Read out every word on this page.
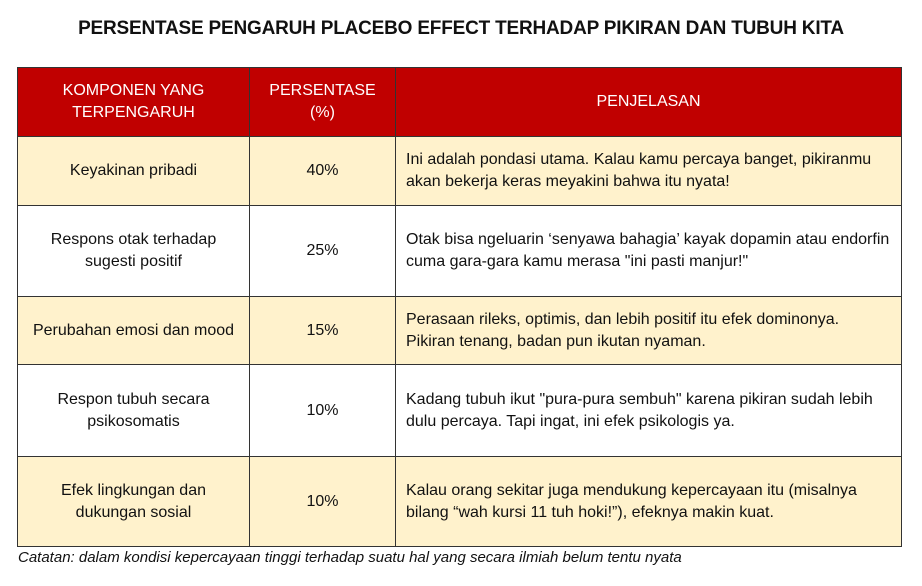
PERSENTASE PENGARUH PLACEBO EFFECT TERHADAP PIKIRAN DAN TUBUH KITA
KOMPONEN YANG TERPENGARUH	PERSENTASE (%)	PENJELASAN
Keyakinan pribadi	40%	Ini adalah pondasi utama. Kalau kamu percaya banget, pikiranmu akan bekerja keras meyakini bahwa itu nyata!
Respons otak terhadap sugesti positif	25%	Otak bisa ngeluarin ‘senyawa bahagia’ kayak dopamin atau endorfin cuma gara-gara kamu merasa "ini pasti manjur!"
Perubahan emosi dan mood	15%	Perasaan rileks, optimis, dan lebih positif itu efek dominonya. Pikiran tenang, badan pun ikutan nyaman.
Respon tubuh secara psikosomatis	10%	Kadang tubuh ikut "pura-pura sembuh" karena pikiran sudah lebih dulu percaya. Tapi ingat, ini efek psikologis ya.
Efek lingkungan dan dukungan sosial	10%	Kalau orang sekitar juga mendukung kepercayaan itu (misalnya bilang “wah kursi 11 tuh hoki!”), efeknya makin kuat.
Catatan: dalam kondisi kepercayaan tinggi terhadap suatu hal yang secara ilmiah belum tentu nyata
